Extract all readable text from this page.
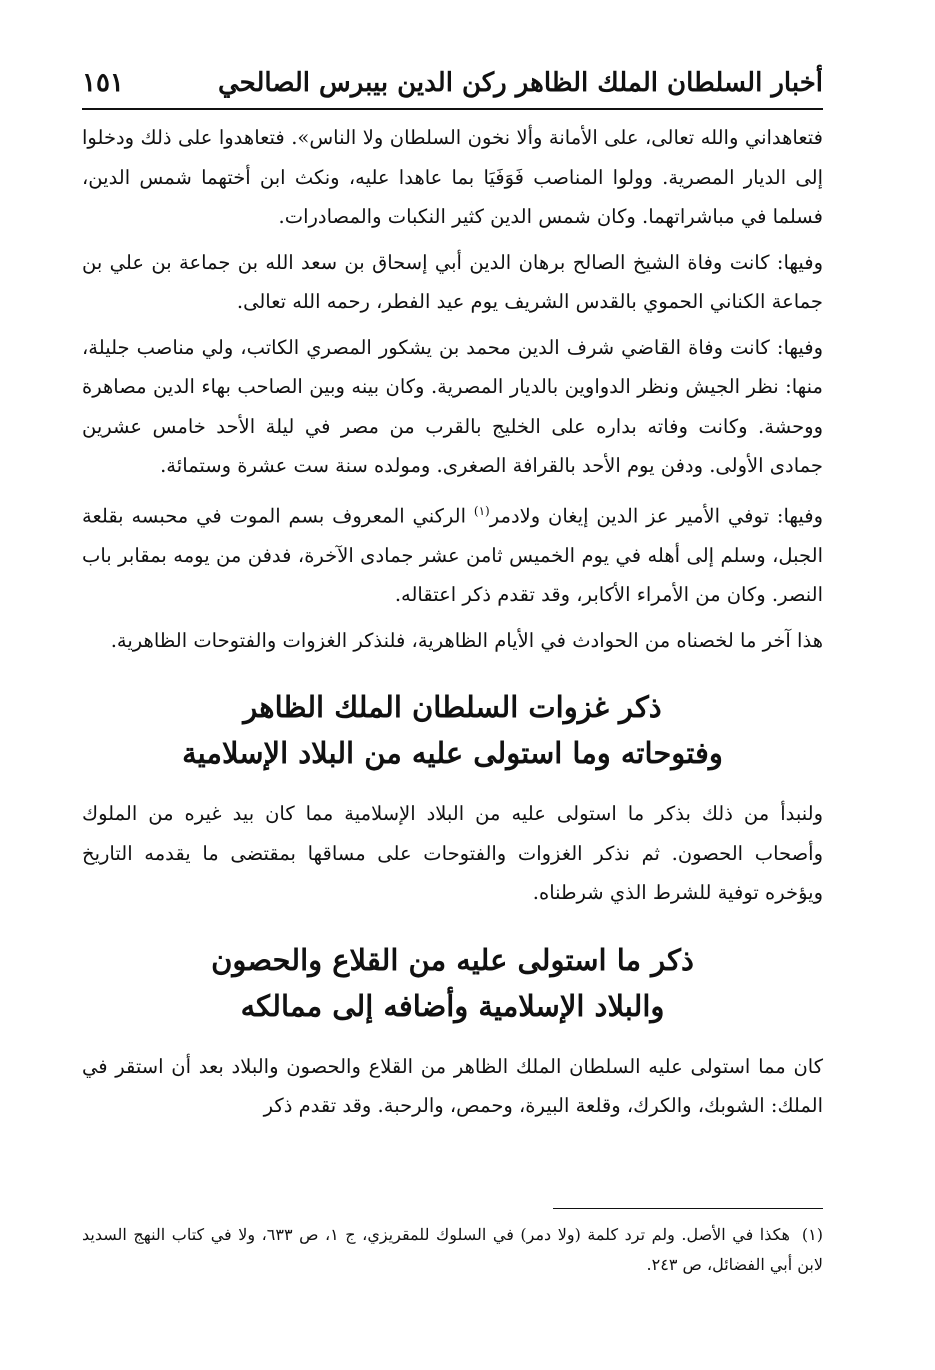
أخبار السلطان الملك الظاهر ركن الدين بيبرس الصالحي
١٥١

فتعاهداني والله تعالى، على الأمانة وألا نخون السلطان ولا الناس». فتعاهدوا على ذلك ودخلوا إلى الديار المصرية. وولوا المناصب فَوَفَيَا بما عاهدا عليه، ونكث ابن أختهما شمس الدين، فسلما في مباشراتهما. وكان شمس الدين كثير النكبات والمصادرات.

وفيها: كانت وفاة الشيخ الصالح برهان الدين أبي إسحاق بن سعد الله بن جماعة بن علي بن جماعة الكناني الحموي بالقدس الشريف يوم عيد الفطر، رحمه الله تعالى.

وفيها: كانت وفاة القاضي شرف الدين محمد بن يشكور المصري الكاتب، ولي مناصب جليلة، منها: نظر الجيش ونظر الدواوين بالديار المصرية. وكان بينه وبين الصاحب بهاء الدين مصاهرة ووحشة. وكانت وفاته بداره على الخليج بالقرب من مصر في ليلة الأحد خامس عشرين جمادى الأولى. ودفن يوم الأحد بالقرافة الصغرى. ومولده سنة ست عشرة وستمائة.

وفيها: توفي الأمير عز الدين إيغان ولادمر$^{(١)}$ الركني المعروف بسم الموت في محبسه بقلعة الجبل، وسلم إلى أهله في يوم الخميس ثامن عشر جمادى الآخرة، فدفن من يومه بمقابر باب النصر. وكان من الأمراء الأكابر، وقد تقدم ذكر اعتقاله.

هذا آخر ما لخصناه من الحوادث في الأيام الظاهرية، فلنذكر الغزوات والفتوحات الظاهرية.

ذكر غزوات السلطان الملك الظاهر
وفتوحاته وما استولى عليه من البلاد الإسلامية

ولنبدأ من ذلك بذكر ما استولى عليه من البلاد الإسلامية مما كان بيد غيره من الملوك وأصحاب الحصون. ثم نذكر الغزوات والفتوحات على مساقها بمقتضى ما يقدمه التاريخ ويؤخره توفية للشرط الذي شرطناه.

ذكر ما استولى عليه من القلاع والحصون
والبلاد الإسلامية وأضافه إلى ممالكه

كان مما استولى عليه السلطان الملك الظاهر من القلاع والحصون والبلاد بعد أن استقر في الملك: الشوبك، والكرك، وقلعة البيرة، وحمص، والرحبة. وقد تقدم ذكر

(١)هكذا في الأصل. ولم ترد كلمة (ولا دمر) في السلوك للمقريزي، ج ١، ص ٦٣٣، ولا في كتاب النهج السديد لابن أبي الفضائل، ص ٢٤٣.
